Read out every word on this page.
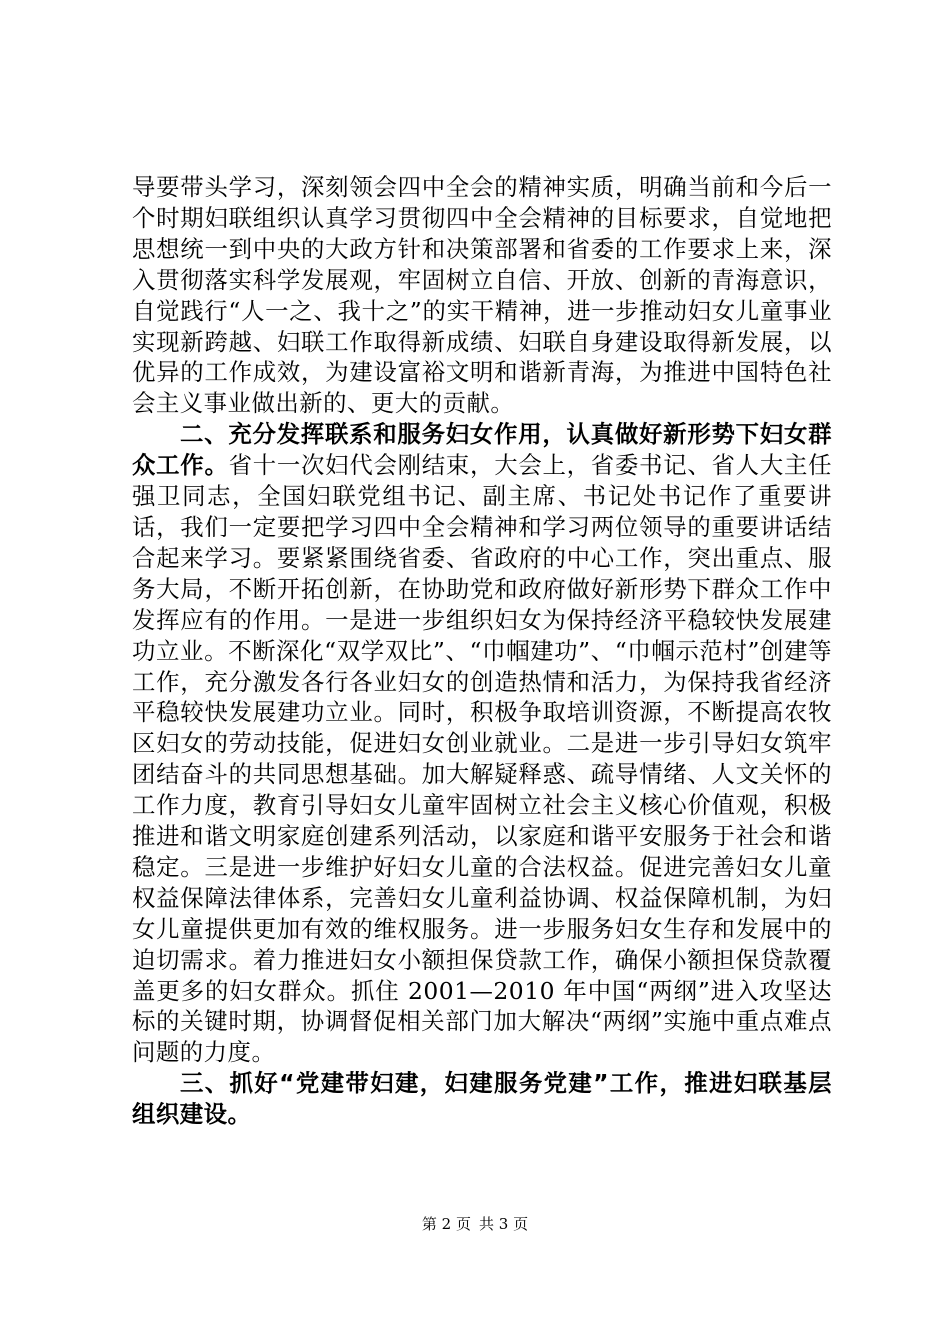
导要带头学习，深刻领会四中全会的精神实质，明确当前和今后一个时期妇联组织认真学习贯彻四中全会精神的目标要求，自觉地把思想统一到中央的大政方针和决策部署和省委的工作要求上来，深入贯彻落实科学发展观，牢固树立自信、开放、创新的青海意识，自觉践行“人一之、我十之”的实干精神，进一步推动妇女儿童事业实现新跨越、妇联工作取得新成绩、妇联自身建设取得新发展，以优异的工作成效，为建设富裕文明和谐新青海，为推进中国特色社会主义事业做出新的、更大的贡献。

二、充分发挥联系和服务妇女作用，认真做好新形势下妇女群众工作。省十一次妇代会刚结束，大会上，省委书记、省人大主任强卫同志，全国妇联党组书记、副主席、书记处书记作了重要讲话，我们一定要把学习四中全会精神和学习两位领导的重要讲话结合起来学习。要紧紧围绕省委、省政府的中心工作，突出重点、服务大局，不断开拓创新，在协助党和政府做好新形势下群众工作中发挥应有的作用。一是进一步组织妇女为保持经济平稳较快发展建功立业。不断深化“双学双比”、“巾帼建功”、“巾帼示范村”创建等工作，充分激发各行各业妇女的创造热情和活力，为保持我省经济平稳较快发展建功立业。同时，积极争取培训资源，不断提高农牧区妇女的劳动技能，促进妇女创业就业。二是进一步引导妇女筑牢团结奋斗的共同思想基础。加大解疑释惑、疏导情绪、人文关怀的工作力度，教育引导妇女儿童牢固树立社会主义核心价值观，积极推进和谐文明家庭创建系列活动，以家庭和谐平安服务于社会和谐稳定。三是进一步维护好妇女儿童的合法权益。促进完善妇女儿童权益保障法律体系，完善妇女儿童利益协调、权益保障机制，为妇女儿童提供更加有效的维权服务。进一步服务妇女生存和发展中的迫切需求。着力推进妇女小额担保贷款工作，确保小额担保贷款覆盖更多的妇女群众。抓住 2001—2010 年中国“两纲”进入攻坚达标的关键时期，协调督促相关部门加大解决“两纲”实施中重点难点问题的力度。

三、抓好“党建带妇建，妇建服务党建”工作，推进妇联基层组织建设。

第 2 页 共 3 页
